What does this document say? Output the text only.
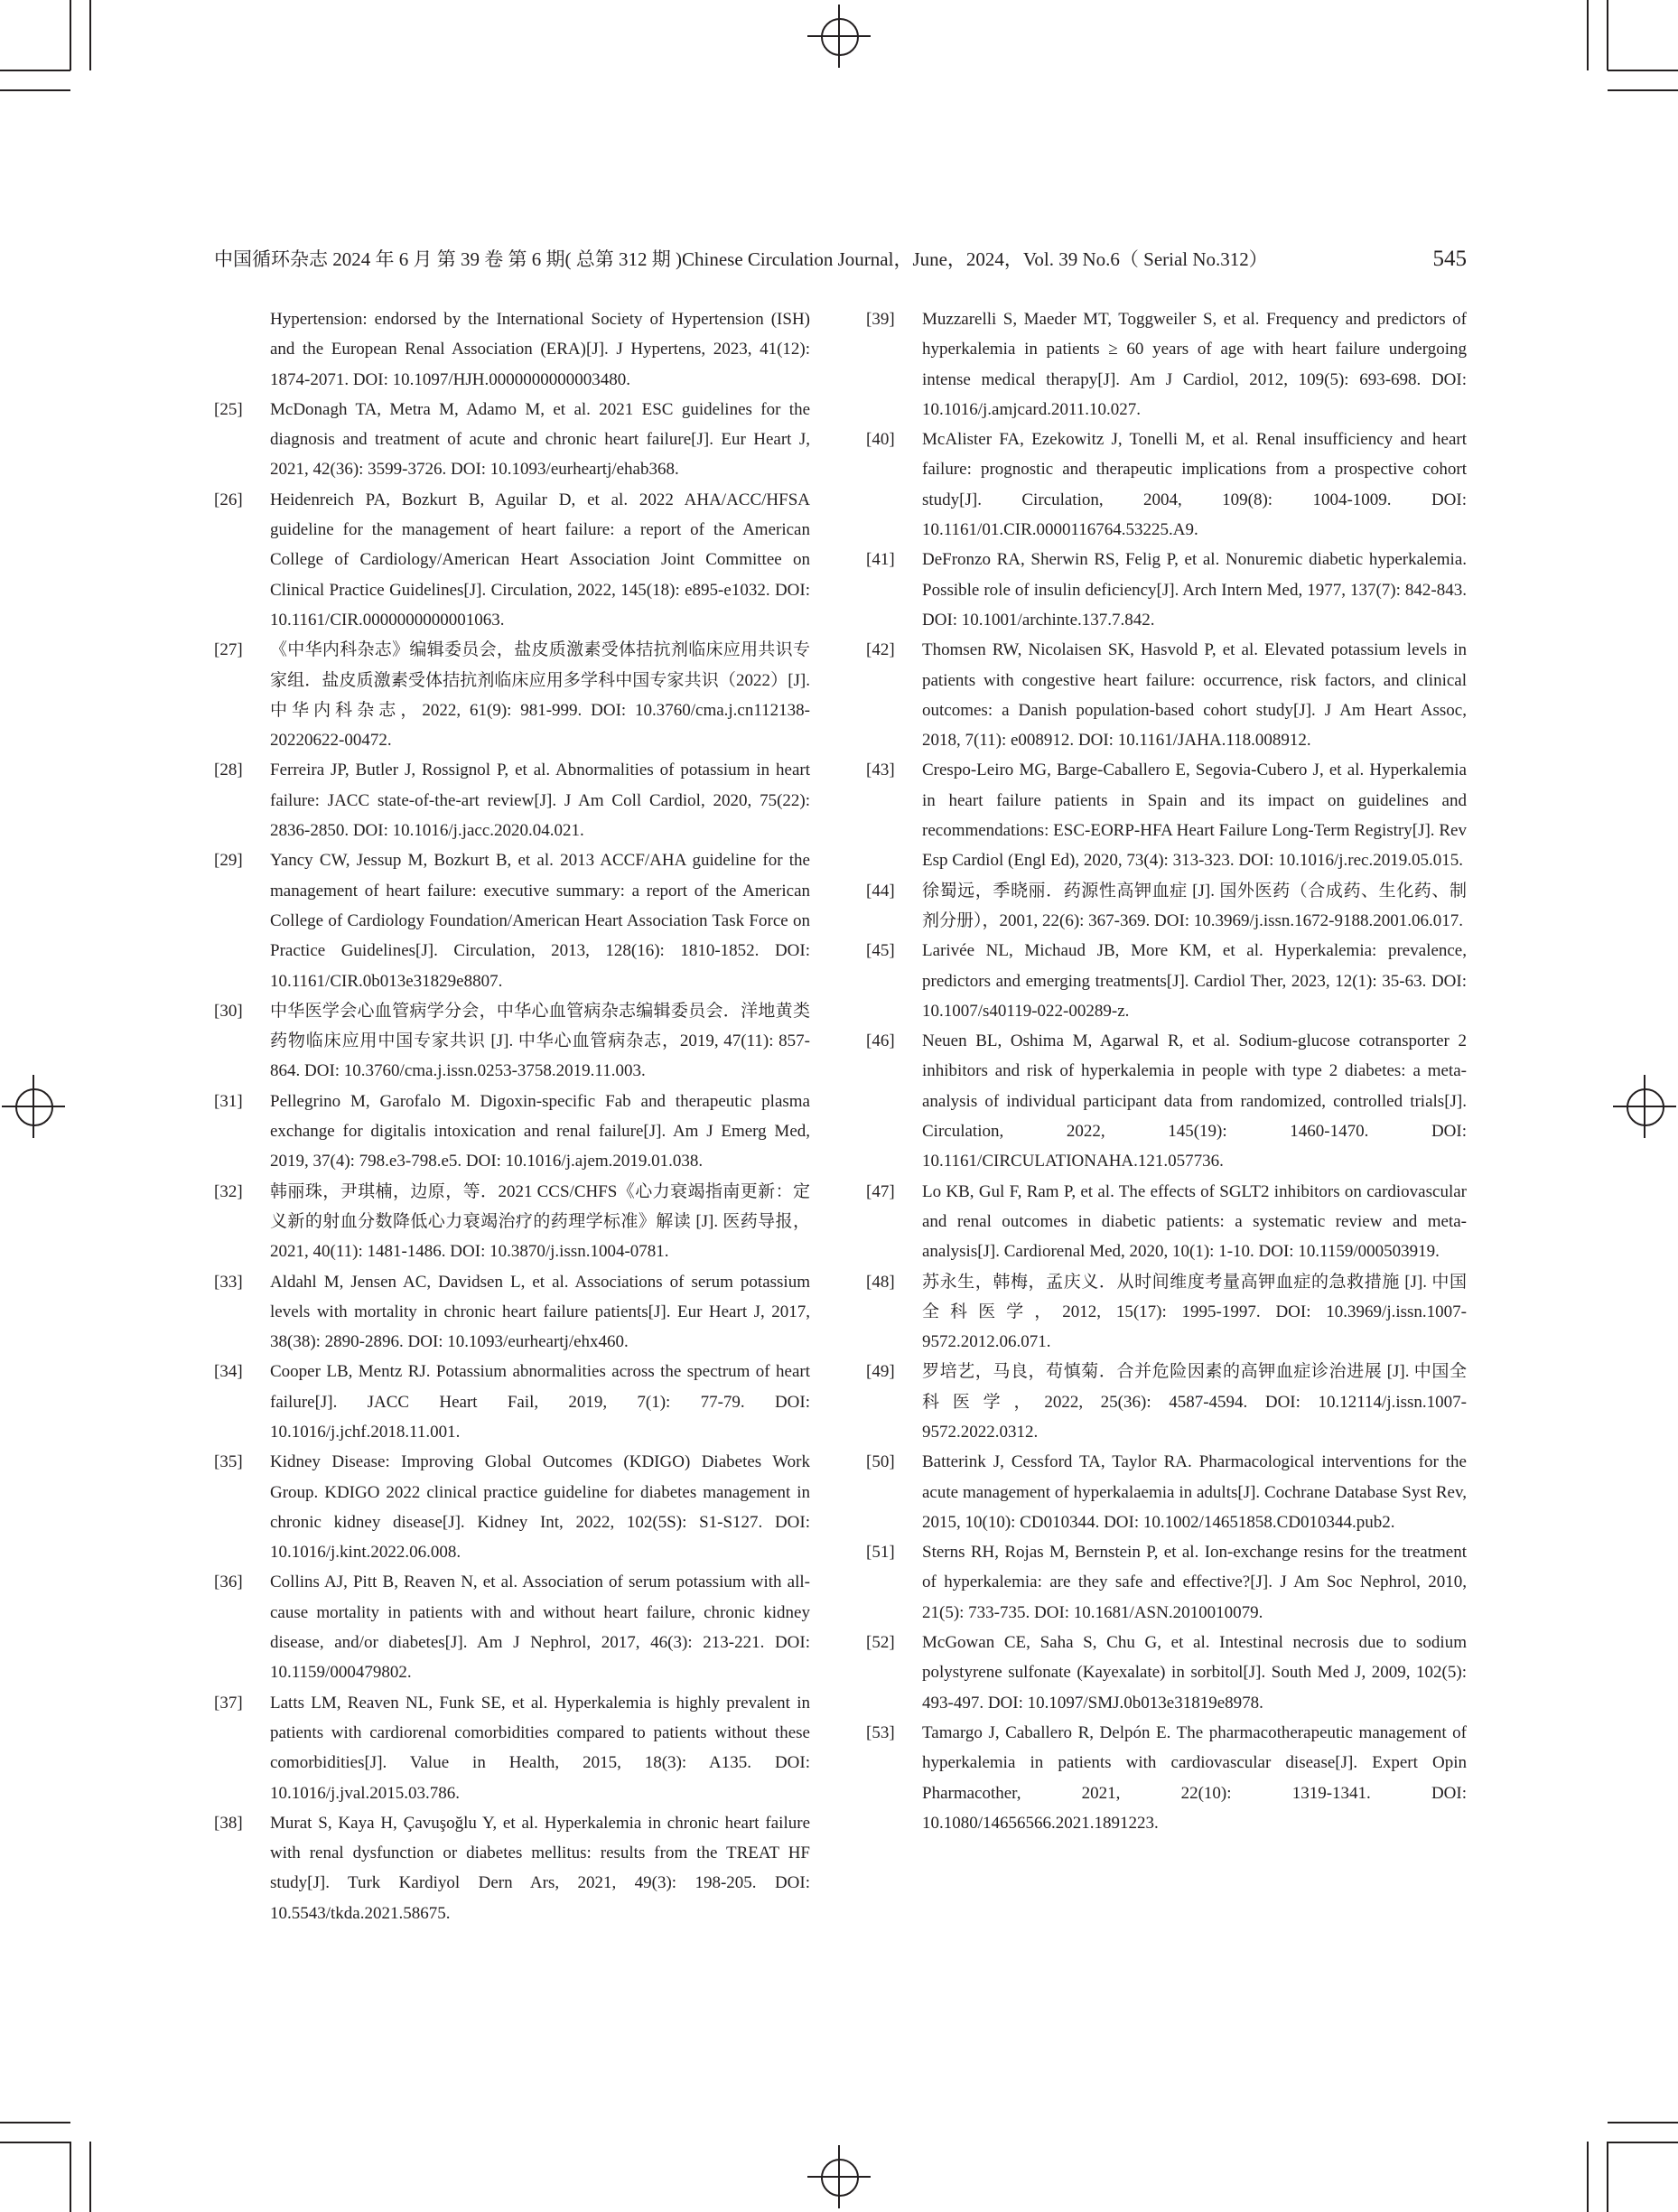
中国循环杂志 2024 年 6 月 第 39 卷 第 6 期( 总第 312 期 )Chinese Circulation Journal，June，2024，Vol. 39 No.6（ Serial No.312）	545
Hypertension: endorsed by the International Society of Hypertension (ISH) and the European Renal Association (ERA)[J]. J Hypertens, 2023, 41(12): 1874-2071. DOI: 10.1097/HJH.0000000000003480.
[25] McDonagh TA, Metra M, Adamo M, et al. 2021 ESC guidelines for the diagnosis and treatment of acute and chronic heart failure[J]. Eur Heart J, 2021, 42(36): 3599-3726. DOI: 10.1093/eurheartj/ehab368.
[26] Heidenreich PA, Bozkurt B, Aguilar D, et al. 2022 AHA/ACC/HFSA guideline for the management of heart failure: a report of the American College of Cardiology/American Heart Association Joint Committee on Clinical Practice Guidelines[J]. Circulation, 2022, 145(18): e895-e1032. DOI: 10.1161/CIR.0000000000001063.
[27] 《中华内科杂志》编辑委员会，盐皮质激素受体拮抗剂临床应用共识专家组．盐皮质激素受体拮抗剂临床应用多学科中国专家共识（2022）[J]. 中华内科杂志，2022, 61(9): 981-999. DOI: 10.3760/cma.j.cn112138-20220622-00472.
[28] Ferreira JP, Butler J, Rossignol P, et al. Abnormalities of potassium in heart failure: JACC state-of-the-art review[J]. J Am Coll Cardiol, 2020, 75(22): 2836-2850. DOI: 10.1016/j.jacc.2020.04.021.
[29] Yancy CW, Jessup M, Bozkurt B, et al. 2013 ACCF/AHA guideline for the management of heart failure: executive summary: a report of the American College of Cardiology Foundation/American Heart Association Task Force on Practice Guidelines[J]. Circulation, 2013, 128(16): 1810-1852. DOI: 10.1161/CIR.0b013e31829e8807.
[30] 中华医学会心血管病学分会，中华心血管病杂志编辑委员会．洋地黄类药物临床应用中国专家共识 [J]. 中华心血管病杂志，2019, 47(11): 857-864. DOI: 10.3760/cma.j.issn.0253-3758.2019.11.003.
[31] Pellegrino M, Garofalo M. Digoxin-specific Fab and therapeutic plasma exchange for digitalis intoxication and renal failure[J]. Am J Emerg Med, 2019, 37(4): 798.e3-798.e5. DOI: 10.1016/j.ajem.2019.01.038.
[32] 韩丽珠，尹琪楠，边原，等．2021 CCS/CHFS《心力衰竭指南更新：定义新的射血分数降低心力衰竭治疗的药理学标准》解读 [J]. 医药导报，2021, 40(11): 1481-1486. DOI: 10.3870/j.issn.1004-0781.
[33] Aldahl M, Jensen AC, Davidsen L, et al. Associations of serum potassium levels with mortality in chronic heart failure patients[J]. Eur Heart J, 2017, 38(38): 2890-2896. DOI: 10.1093/eurheartj/ehx460.
[34] Cooper LB, Mentz RJ. Potassium abnormalities across the spectrum of heart failure[J]. JACC Heart Fail, 2019, 7(1): 77-79. DOI: 10.1016/j.jchf.2018.11.001.
[35] Kidney Disease: Improving Global Outcomes (KDIGO) Diabetes Work Group. KDIGO 2022 clinical practice guideline for diabetes management in chronic kidney disease[J]. Kidney Int, 2022, 102(5S): S1-S127. DOI: 10.1016/j.kint.2022.06.008.
[36] Collins AJ, Pitt B, Reaven N, et al. Association of serum potassium with all-cause mortality in patients with and without heart failure, chronic kidney disease, and/or diabetes[J]. Am J Nephrol, 2017, 46(3): 213-221. DOI: 10.1159/000479802.
[37] Latts LM, Reaven NL, Funk SE, et al. Hyperkalemia is highly prevalent in patients with cardiorenal comorbidities compared to patients without these comorbidities[J]. Value in Health, 2015, 18(3): A135. DOI: 10.1016/j.jval.2015.03.786.
[38] Murat S, Kaya H, Çavuşoğlu Y, et al. Hyperkalemia in chronic heart failure with renal dysfunction or diabetes mellitus: results from the TREAT HF study[J]. Turk Kardiyol Dern Ars, 2021, 49(3): 198-205. DOI: 10.5543/tkda.2021.58675.
[39] Muzzarelli S, Maeder MT, Toggweiler S, et al. Frequency and predictors of hyperkalemia in patients ≥ 60 years of age with heart failure undergoing intense medical therapy[J]. Am J Cardiol, 2012, 109(5): 693-698. DOI: 10.1016/j.amjcard.2011.10.027.
[40] McAlister FA, Ezekowitz J, Tonelli M, et al. Renal insufficiency and heart failure: prognostic and therapeutic implications from a prospective cohort study[J]. Circulation, 2004, 109(8): 1004-1009. DOI: 10.1161/01.CIR.0000116764.53225.A9.
[41] DeFronzo RA, Sherwin RS, Felig P, et al. Nonuremic diabetic hyperkalemia. Possible role of insulin deficiency[J]. Arch Intern Med, 1977, 137(7): 842-843. DOI: 10.1001/archinte.137.7.842.
[42] Thomsen RW, Nicolaisen SK, Hasvold P, et al. Elevated potassium levels in patients with congestive heart failure: occurrence, risk factors, and clinical outcomes: a Danish population-based cohort study[J]. J Am Heart Assoc, 2018, 7(11): e008912. DOI: 10.1161/JAHA.118.008912.
[43] Crespo-Leiro MG, Barge-Caballero E, Segovia-Cubero J, et al. Hyperkalemia in heart failure patients in Spain and its impact on guidelines and recommendations: ESC-EORP-HFA Heart Failure Long-Term Registry[J]. Rev Esp Cardiol (Engl Ed), 2020, 73(4): 313-323. DOI: 10.1016/j.rec.2019.05.015.
[44] 徐蜀远，季晓丽．药源性高钾血症 [J]. 国外医药（合成药、生化药、制剂分册），2001, 22(6): 367-369. DOI: 10.3969/j.issn.1672-9188.2001.06.017.
[45] Larivée NL, Michaud JB, More KM, et al. Hyperkalemia: prevalence, predictors and emerging treatments[J]. Cardiol Ther, 2023, 12(1): 35-63. DOI: 10.1007/s40119-022-00289-z.
[46] Neuen BL, Oshima M, Agarwal R, et al. Sodium-glucose cotransporter 2 inhibitors and risk of hyperkalemia in people with type 2 diabetes: a meta-analysis of individual participant data from randomized, controlled trials[J]. Circulation, 2022, 145(19): 1460-1470. DOI: 10.1161/CIRCULATIONAHA.121.057736.
[47] Lo KB, Gul F, Ram P, et al. The effects of SGLT2 inhibitors on cardiovascular and renal outcomes in diabetic patients: a systematic review and meta-analysis[J]. Cardiorenal Med, 2020, 10(1): 1-10. DOI: 10.1159/000503919.
[48] 苏永生，韩梅，孟庆义．从时间维度考量高钾血症的急救措施 [J]. 中国全科医学，2012, 15(17): 1995-1997. DOI: 10.3969/j.issn.1007-9572.2012.06.071.
[49] 罗培艺，马良，苟慎菊．合并危险因素的高钾血症诊治进展 [J]. 中国全科医学，2022, 25(36): 4587-4594. DOI: 10.12114/j.issn.1007-9572.2022.0312.
[50] Batterink J, Cessford TA, Taylor RA. Pharmacological interventions for the acute management of hyperkalaemia in adults[J]. Cochrane Database Syst Rev, 2015, 10(10): CD010344. DOI: 10.1002/14651858.CD010344.pub2.
[51] Sterns RH, Rojas M, Bernstein P, et al. Ion-exchange resins for the treatment of hyperkalemia: are they safe and effective?[J]. J Am Soc Nephrol, 2010, 21(5): 733-735. DOI: 10.1681/ASN.2010010079.
[52] McGowan CE, Saha S, Chu G, et al. Intestinal necrosis due to sodium polystyrene sulfonate (Kayexalate) in sorbitol[J]. South Med J, 2009, 102(5): 493-497. DOI: 10.1097/SMJ.0b013e31819e8978.
[53] Tamargo J, Caballero R, Delpón E. The pharmacotherapeutic management of hyperkalemia in patients with cardiovascular disease[J]. Expert Opin Pharmacother, 2021, 22(10): 1319-1341. DOI: 10.1080/14656566.2021.1891223.
